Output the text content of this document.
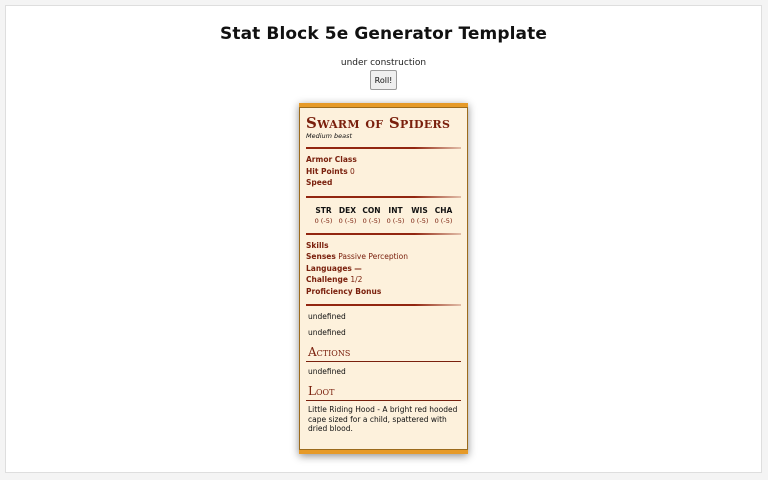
Stat Block 5e Generator Template
under construction
Roll!
Swarm of Spiders
Medium beast
Armor Class
Hit Points 0
Speed
STR
0 (-5)
DEX
0 (-5)
CON
0 (-5)
INT
0 (-5)
WIS
0 (-5)
CHA
0 (-5)
Skills
Senses Passive Perception
Languages —
Challenge 1/2
Proficiency Bonus
undefined
undefined
Actions
undefined
Loot
Little Riding Hood - A bright red hooded cape sized for a child, spattered with dried blood.
